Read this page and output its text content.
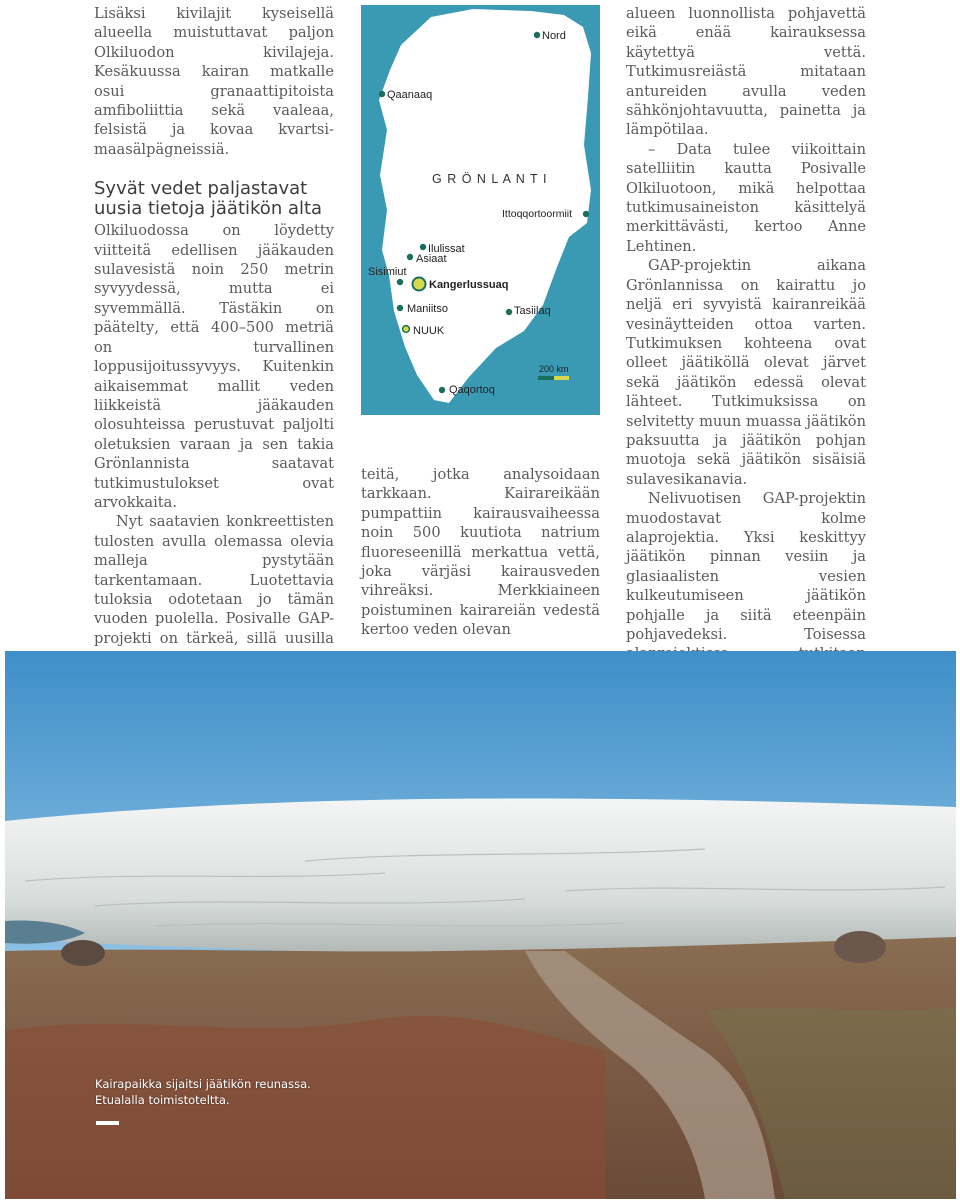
Lisäksi kivilajit kyseisellä alueella muistuttavat paljon Olkiluodon kivilajeja. Kesäkuussa kairan matkalle osui granaattipitoista amfiboliittia sekä vaaleaa, felsistä ja kovaa kvartsi-maasälpägneissiä.

Syvät vedet paljastavat
uusia tietoja jäätikön alta

Olkiluodossa on löydetty viitteitä edellisen jääkauden sulavesistä noin 250 metrin syvyydessä, mutta ei syvemmällä. Tästäkin on pääteltу, että 400–500 metriä on turvallinen loppusijoitussyvyys. Kuitenkin aikaisemmat mallit veden liikkeistä jääkauden olosuhteissa perustuvat paljolti oletuksien varaan ja sen takia Grönlannista saatavat tutkimustulokset ovat arvokkaita.

Nyt saatavien konkreettisten tulosten avulla olemassa olevia malleja pystytään tarkentamaan. Luotettavia tuloksia odotetaan jo tämän vuoden puolella. Posivalle GAP-projekti on tärkeä, sillä uusilla

Nord
Qaanaaq
G R Ö N L A N T I
Ittoqqortoormiit
Ilulissat
Asiaat
Sisimiut
Kangerlussuaq
Maniitso	Tasiilaq
NUUK
Qaqortoq
200 km

teitä, jotka analysoidaan tarkkaan. Kairareikään pumpattiin kairausvaiheessa noin 500 kuutiota natrium fluoreseenillä merkattua vettä, joka värjäsi kairausveden vihreäksi. Merkkiaineen poistuminen kairareiän vedestä kertoo veden olevan

alueen luonnollista pohjavettä eikä enää kairauksessa käytettyä vettä. Tutkimusreiästä mitataan antureiden avulla veden sähkönjohtavuutta, painetta ja lämpötilaa.

– Data tulee viikoittain satelliitin kautta Posivalle Olkiluotoon, mikä helpottaa tutkimusaineiston käsittelyä merkittävästi, kertoo Anne Lehtinen.

GAP-projektin aikana Grönlannissa on kairattu jo neljä eri syvyistä kairanreikää vesinäytteiden ottoa varten. Tutkimuksen kohteena ovat olleet jäätiköllä olevat järvet sekä jäätikön edessä olevat lähteet. Tutkimuksissa on selvitetty muun muassa jäätikön paksuutta ja jäätikön pohjan muotoja sekä jäätikön sisäisiä sulavesikanavia.

Nelivuotisen GAP-projektin muodostavat kolme alaprojektia. Yksi keskittyy jäätikön pinnan vesiin ja glasiaalisten vesien kulkeutumiseen jäätikön pohjalle ja siitä eteenpäin pohjavedeksi. Toisessa

Kairapaikka sijaitsi jäätikön reunassa.
Etualalla toimistoteltta.
